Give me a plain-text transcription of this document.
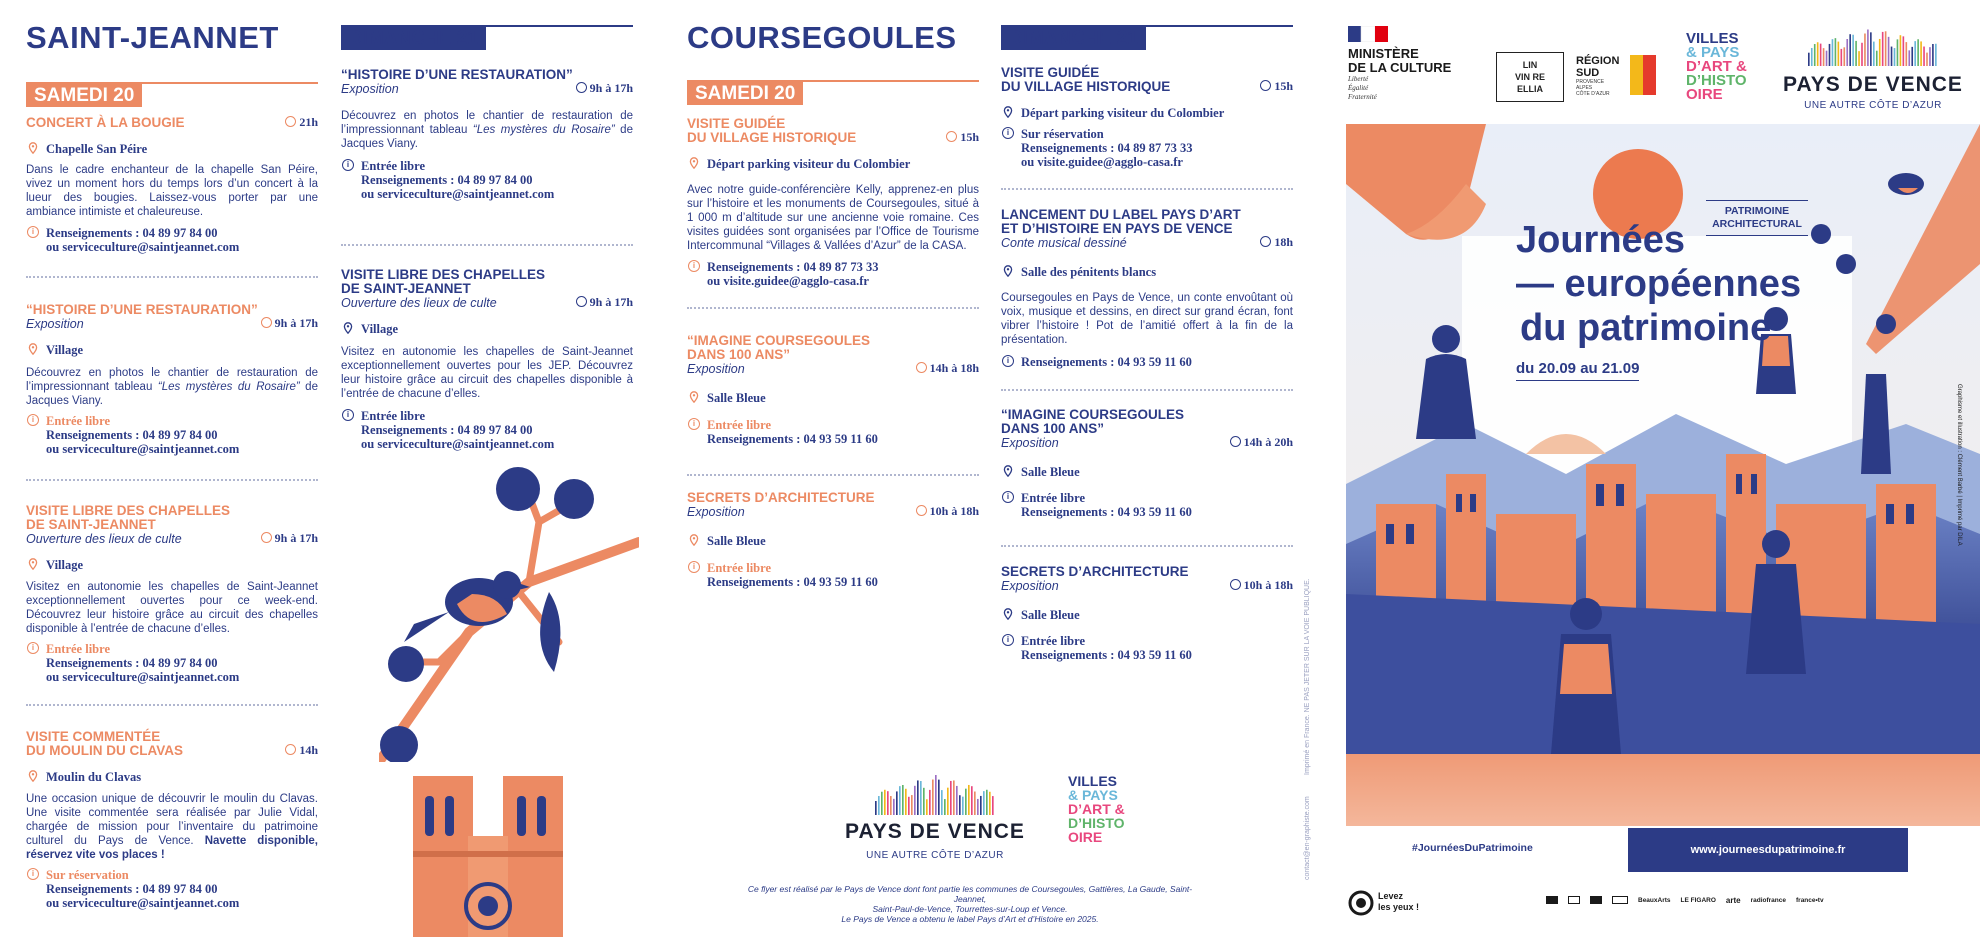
SAINT-JEANNET
SAMEDI 20
CONCERT À LA BOUGIE	21h
Chapelle San Péire
Dans le cadre enchanteur de la chapelle San Péire, vivez un moment hors du temps lors d’un concert à la lueur des bougies. Laissez-vous porter par une ambiance intimiste et chaleureuse.
i Renseignements : 04 89 97 84 00
ou serviceculture@saintjeannet.com
“HISTOIRE D’UNE RESTAURATION”
Exposition	9h à 17h
Village
Découvrez en photos le chantier de restauration de l’impressionnant tableau “Les mystères du Rosaire” de Jacques Viany.
i Entrée libre
Renseignements : 04 89 97 84 00
ou serviceculture@saintjeannet.com
VISITE LIBRE DES CHAPELLES
DE SAINT-JEANNET
Ouverture des lieux de culte	9h à 17h
Village
Visitez en autonomie les chapelles de Saint-Jeannet exceptionnellement ouvertes pour ce week-end. Découvrez leur histoire grâce au circuit des chapelles disponible à l’entrée de chacune d’elles.
i Entrée libre
Renseignements : 04 89 97 84 00
ou serviceculture@saintjeannet.com
VISITE COMMENTÉE
DU MOULIN DU CLAVAS	14h
Moulin du Clavas
Une occasion unique de découvrir le moulin du Clavas. Une visite commentée sera réalisée par Julie Vidal, chargée de mission pour l’inventaire du patrimoine culturel du Pays de Vence. Navette disponible, réservez vite vos places !
i Sur réservation
Renseignements : 04 89 97 84 00
ou serviceculture@saintjeannet.com
DIMANCHE 21
“HISTOIRE D’UNE RESTAURATION”
Exposition	9h à 17h
Découvrez en photos le chantier de restauration de l’impressionnant tableau “Les mystères du Rosaire” de Jacques Viany.
i Entrée libre
Renseignements : 04 89 97 84 00
ou serviceculture@saintjeannet.com
VISITE LIBRE DES CHAPELLES
DE SAINT-JEANNET
Ouverture des lieux de culte	9h à 17h
Village
Visitez en autonomie les chapelles de Saint-Jeannet exceptionnellement ouvertes pour les JEP. Découvrez leur histoire grâce au circuit des chapelles disponible à l’entrée de chacune d’elles.
i Entrée libre
Renseignements : 04 89 97 84 00
ou serviceculture@saintjeannet.com
COURSEGOULES
SAMEDI 20
VISITE GUIDÉE
DU VILLAGE HISTORIQUE	15h
Départ parking visiteur du Colombier
Avec notre guide-conférencière Kelly, apprenez-en plus sur l’histoire et les monuments de Coursegoules, situé à 1 000 m d’altitude sur une ancienne voie romaine. Ces visites guidées sont organisées par l’Office de Tourisme Intercommunal “Villages & Vallées d’Azur” de la CASA.
i Renseignements : 04 89 87 73 33
ou visite.guidee@agglo-casa.fr
“IMAGINE COURSEGOULES
DANS 100 ANS”
Exposition	14h à 18h
Salle Bleue
i Entrée libre
Renseignements : 04 93 59 11 60
SECRETS D’ARCHITECTURE
Exposition	10h à 18h
Salle Bleue
i Entrée libre
Renseignements : 04 93 59 11 60
PAYS DE VENCE
UNE AUTRE CÔTE D’AZUR
VILLES
& PAYS
D’ART &
D’HISTO
OIRE
Ce flyer est réalisé par le Pays de Vence dont font partie les communes de Coursegoules, Gattières, La Gaude, Saint-Jeannet,
Saint-Paul-de-Vence, Tourrettes-sur-Loup et Vence.
Le Pays de Vence a obtenu le label Pays d’Art et d’Histoire en 2025.
DIMANCHE 21
VISITE GUIDÉE
DU VILLAGE HISTORIQUE	15h
Départ parking visiteur du Colombier
i Sur réservation
Renseignements : 04 89 87 73 33
ou visite.guidee@agglo-casa.fr
LANCEMENT DU LABEL PAYS D’ART
ET D’HISTOIRE EN PAYS DE VENCE
Conte musical dessiné	18h
Salle des pénitents blancs
Coursegoules en Pays de Vence, un conte envoûtant où voix, musique et dessins, en direct sur grand écran, font vibrer l’histoire ! Pot de l’amitié offert à la fin de la présentation.
i Renseignements : 04 93 59 11 60
“IMAGINE COURSEGOULES
DANS 100 ANS”
Exposition	14h à 20h
Salle Bleue
i Entrée libre
Renseignements : 04 93 59 11 60
SECRETS D’ARCHITECTURE
Exposition	10h à 18h
Salle Bleue
i Entrée libre
Renseignements : 04 93 59 11 60	Imprimé en France. NE PAS JETER SUR LA VOIE PUBLIQUE.
contact@en-graphiste.com
MINISTÈRE
DE LA CULTURE
Liberté
Égalité
Fraternité
LIN
VIN RE
ELLIA
RÉGION
SUD
PROVENCE
ALPES
CÔTE D’AZUR
VILLES
& PAYS
D’ART &
D’HISTO
OIRE	PAYS DE VENCE
UNE AUTRE CÔTE D’AZUR
PATRIMOINE
ARCHITECTURAL
Journées
— européennes
du patrimoine
du 20.09 au 21.09
Graphisme et illustration : Clément Barbé | Imprimé par DILA
#JournéesDuPatrimoine	www.journeesdupatrimoine.fr
Levez
les yeux !
BeauxArts LE FIGARO arte radiofrance france•tv
